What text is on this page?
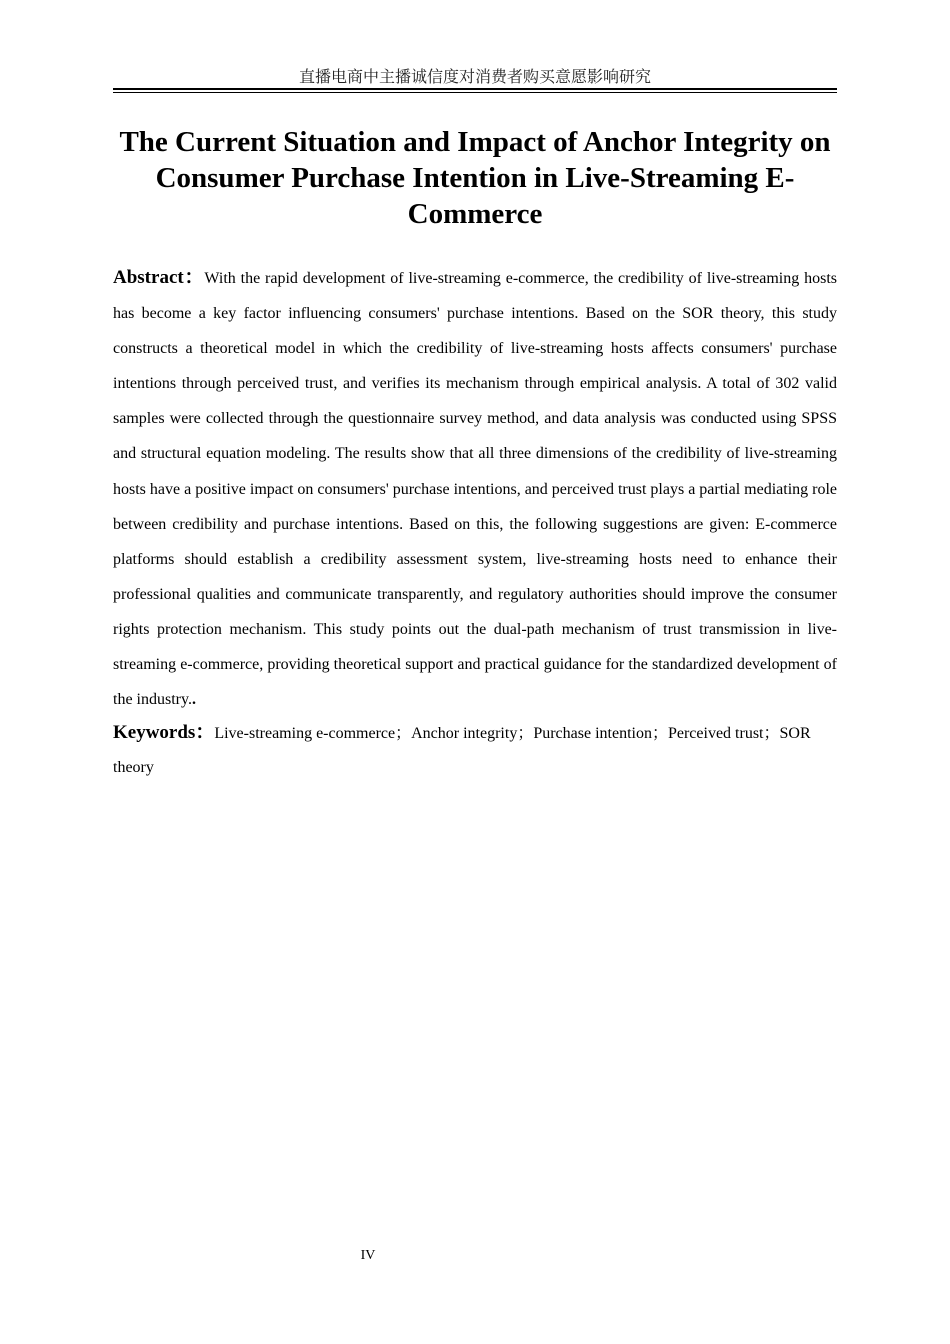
直播电商中主播诚信度对消费者购买意愿影响研究
The Current Situation and Impact of Anchor Integrity on Consumer Purchase Intention in Live-Streaming E-Commerce

Abstract：With the rapid development of live-streaming e-commerce, the credibility of live-streaming hosts has become a key factor influencing consumers' purchase intentions. Based on the SOR theory, this study constructs a theoretical model in which the credibility of live-streaming hosts affects consumers' purchase intentions through perceived trust, and verifies its mechanism through empirical analysis. A total of 302 valid samples were collected through the questionnaire survey method, and data analysis was conducted using SPSS and structural equation modeling. The results show that all three dimensions of the credibility of live-streaming hosts have a positive impact on consumers' purchase intentions, and perceived trust plays a partial mediating role between credibility and purchase intentions. Based on this, the following suggestions are given: E-commerce platforms should establish a credibility assessment system, live-streaming hosts need to enhance their professional qualities and communicate transparently, and regulatory authorities should improve the consumer rights protection mechanism. This study points out the dual-path mechanism of trust transmission in live-streaming e-commerce, providing theoretical support and practical guidance for the standardized development of the industry..

Keywords：Live-streaming e-commerce；Anchor integrity；Purchase intention；Perceived trust；SOR theory

IV
